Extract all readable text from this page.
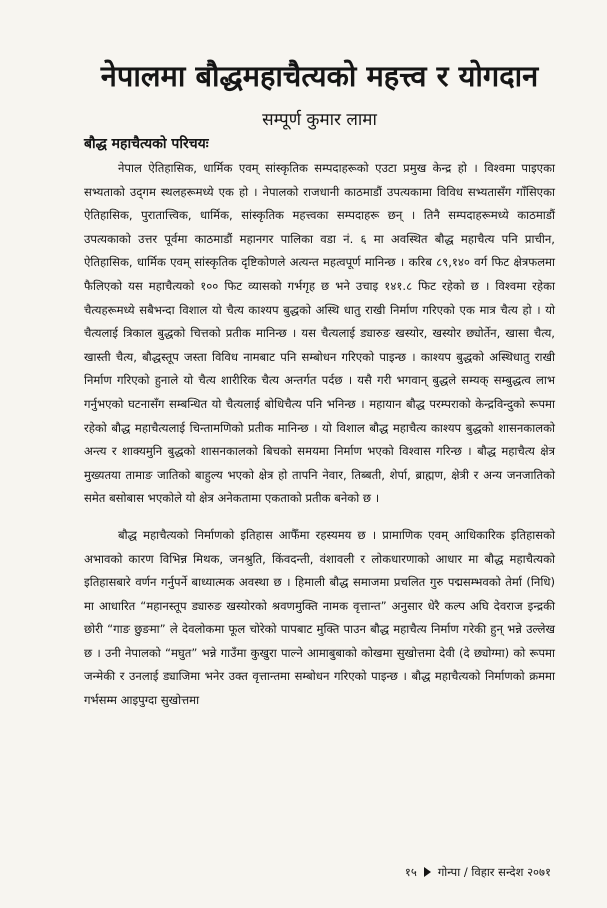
नेपालमा बौद्धमहाचैत्यको महत्त्व र योगदान
सम्पूर्ण कुमार लामा
बौद्ध महाचैत्यको परिचयः

नेपाल ऐतिहासिक, धार्मिक एवम् सांस्कृतिक सम्पदाहरूको एउटा प्रमुख केन्द्र हो । विश्वमा पाइएका सभ्यताको उद्‌गम स्थलहरूमध्ये एक हो । नेपालको राजधानी काठमाडौं उपत्यकामा विविध सभ्यतासँग गाँसिएका ऐतिहासिक, पुरातात्त्विक, धार्मिक, सांस्कृतिक महत्त्वका सम्पदाहरू छन् । तिनै सम्पदाहरूमध्ये काठमाडौं उपत्यकाको उत्तर पूर्वमा काठमाडौं महानगर पालिका वडा नं. ६ मा अवस्थित बौद्ध महाचैत्य पनि प्राचीन, ऐतिहासिक, धार्मिक एवम् सांस्कृतिक दृष्टिकोणले अत्यन्त महत्वपूर्ण मानिन्छ । करिब ८९,१४० वर्ग फिट क्षेत्रफलमा फैलिएको यस महाचैत्यको १०० फिट व्यासको गर्भगृह छ भने उचाइ १४१.८ फिट रहेको छ । विश्वमा रहेका चैत्यहरूमध्ये सबैभन्दा विशाल यो चैत्य काश्यप बुद्धको अस्थि धातु राखी निर्माण गरिएको एक मात्र चैत्य हो । यो चैत्यलाई त्रिकाल बुद्धको चित्तको प्रतीक मानिन्छ । यस चैत्यलाई ड्यारुङ खस्योर, खस्योर छ्योर्तेन, खासा चैत्य, खास्ती चैत्य, बौद्धस्तूप जस्ता विविध नामबाट पनि सम्बोधन गरिएको पाइन्छ । काश्यप बुद्धको अस्थिधातु राखी निर्माण गरिएको हुनाले यो चैत्य शारीरिक चैत्य अन्तर्गत पर्दछ । यसै गरी भगवान् बुद्धले सम्यक् सम्बुद्धत्व लाभ गर्नुभएको घटनासँग सम्बन्धित यो चैत्यलाई बोधिचैत्य पनि भनिन्छ । महायान बौद्ध परम्पराको केन्द्रविन्दुको रूपमा रहेको बौद्ध महाचैत्यलाई चिन्तामणिको प्रतीक मानिन्छ । यो विशाल बौद्ध महाचैत्य काश्यप बुद्धको शासनकालको अन्त्य र शाक्यमुनि बुद्धको शासनकालको बिचको समयमा निर्माण भएको विश्वास गरिन्छ । बौद्ध महाचैत्य क्षेत्र मुख्यतया तामाङ जातिको बाहुल्य भएको क्षेत्र हो तापनि नेवार, तिब्बती, शेर्पा, ब्राह्मण, क्षेत्री र अन्य जनजातिको समेत बसोबास भएकोले यो क्षेत्र अनेकतामा एकताको प्रतीक बनेको छ ।

बौद्ध महाचैत्यको निर्माणको इतिहास आफैँमा रहस्यमय छ । प्रामाणिक एवम् आधिकारिक इतिहासको अभावको कारण विभिन्न मिथक, जनश्रुति, किंवदन्ती, वंशावली र लोकधारणाको आधार मा बौद्ध महाचैत्यको इतिहासबारे वर्णन गर्नुपर्ने बाध्यात्मक अवस्था छ । हिमाली बौद्ध समाजमा प्रचलित गुरु पद्मसम्भवको तेर्मा (निधि) मा आधारित “महानस्तूप ड्यारुङ खस्योरको श्रवणमुक्ति नामक वृत्तान्त” अनुसार धेरै कल्प अघि देवराज इन्द्रकी छोरी “गाङ छुङमा” ले देवलोकमा फूल चोरेको पापबाट मुक्ति पाउन बौद्ध महाचैत्य निर्माण गरेकी हुन् भन्ने उल्लेख छ । उनी नेपालको “मघुत” भन्ने गाउँमा कुखुरा पाल्ने आमाबुबाको कोखमा सुखोत्तमा देवी (दे छ्योग्मा) को रूपमा जन्मेकी र उनलाई ड्याजिमा भनेर उक्त वृत्तान्तमा सम्बोधन गरिएको पाइन्छ । बौद्ध महाचैत्यको निर्माणको क्रममा गर्भसम्म आइपुग्दा सुखोत्तमा

१५ गोन्पा / विहार सन्देश २०७१
